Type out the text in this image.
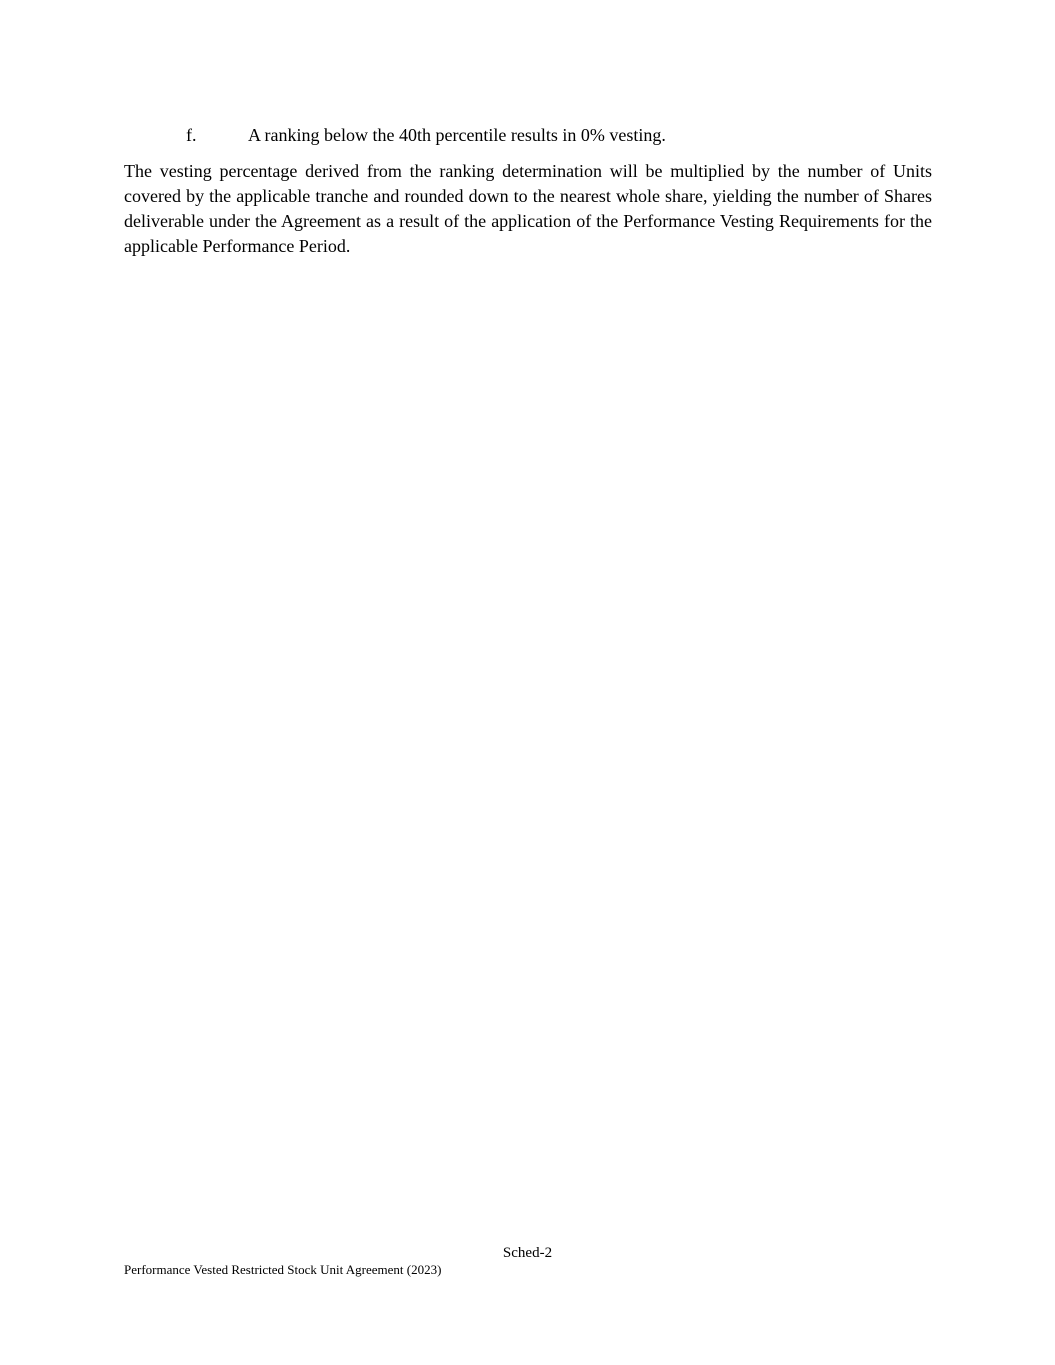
f.	A ranking below the 40th percentile results in 0% vesting.

The vesting percentage derived from the ranking determination will be multiplied by the number of Units covered by the applicable tranche and rounded down to the nearest whole share, yielding the number of Shares deliverable under the Agreement as a result of the application of the Performance Vesting Requirements for the applicable Performance Period.

Sched-2
Performance Vested Restricted Stock Unit Agreement (2023)
